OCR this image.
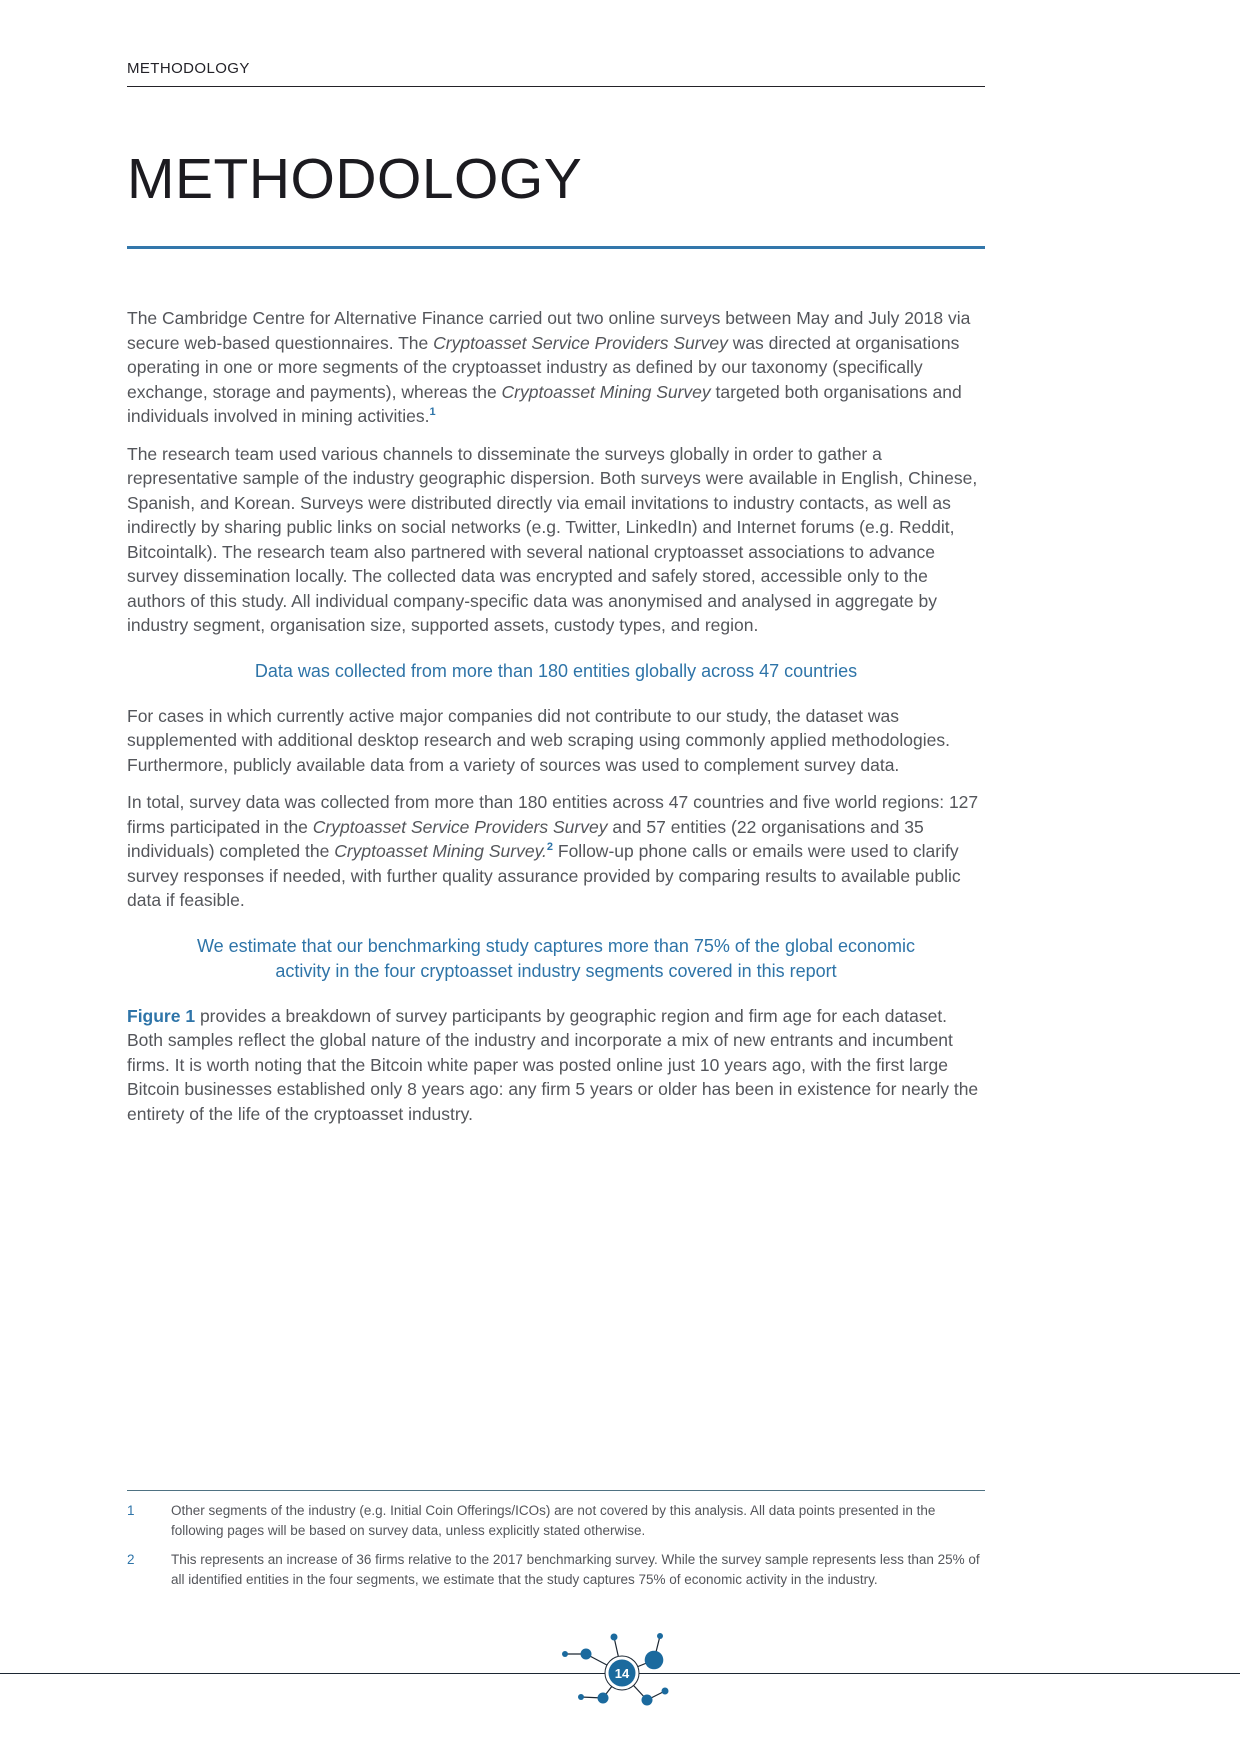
METHODOLOGY
METHODOLOGY

The Cambridge Centre for Alternative Finance carried out two online surveys between May and July 2018 via secure web-based questionnaires. The Cryptoasset Service Providers Survey was directed at organisations operating in one or more segments of the cryptoasset industry as defined by our taxonomy (specifically exchange, storage and payments), whereas the Cryptoasset Mining Survey targeted both organisations and individuals involved in mining activities.$^1$

The research team used various channels to disseminate the surveys globally in order to gather a representative sample of the industry geographic dispersion. Both surveys were available in English, Chinese, Spanish, and Korean. Surveys were distributed directly via email invitations to industry contacts, as well as indirectly by sharing public links on social networks (e.g. Twitter, LinkedIn) and Internet forums (e.g. Reddit, Bitcointalk). The research team also partnered with several national cryptoasset associations to advance survey dissemination locally. The collected data was encrypted and safely stored, accessible only to the authors of this study. All individual company-specific data was anonymised and analysed in aggregate by industry segment, organisation size, supported assets, custody types, and region.

Data was collected from more than 180 entities globally across 47 countries

For cases in which currently active major companies did not contribute to our study, the dataset was supplemented with additional desktop research and web scraping using commonly applied methodologies. Furthermore, publicly available data from a variety of sources was used to complement survey data.

In total, survey data was collected from more than 180 entities across 47 countries and five world regions: 127 firms participated in the Cryptoasset Service Providers Survey and 57 entities (22 organisations and 35 individuals) completed the Cryptoasset Mining Survey.$^2$ Follow-up phone calls or emails were used to clarify survey responses if needed, with further quality assurance provided by comparing results to available public data if feasible.

We estimate that our benchmarking study captures more than 75% of the global economic activity in the four cryptoasset industry segments covered in this report

Figure 1 provides a breakdown of survey participants by geographic region and firm age for each dataset. Both samples reflect the global nature of the industry and incorporate a mix of new entrants and incumbent firms. It is worth noting that the Bitcoin white paper was posted online just 10 years ago, with the first large Bitcoin businesses established only 8 years ago: any firm 5 years or older has been in existence for nearly the entirety of the life of the cryptoasset industry.

1	Other segments of the industry (e.g. Initial Coin Offerings/ICOs) are not covered by this analysis. All data points presented in the following pages will be based on survey data, unless explicitly stated otherwise.
2	This represents an increase of 36 firms relative to the 2017 benchmarking survey. While the survey sample represents less than 25% of all identified entities in the four segments, we estimate that the study captures 75% of economic activity in the industry.
14
